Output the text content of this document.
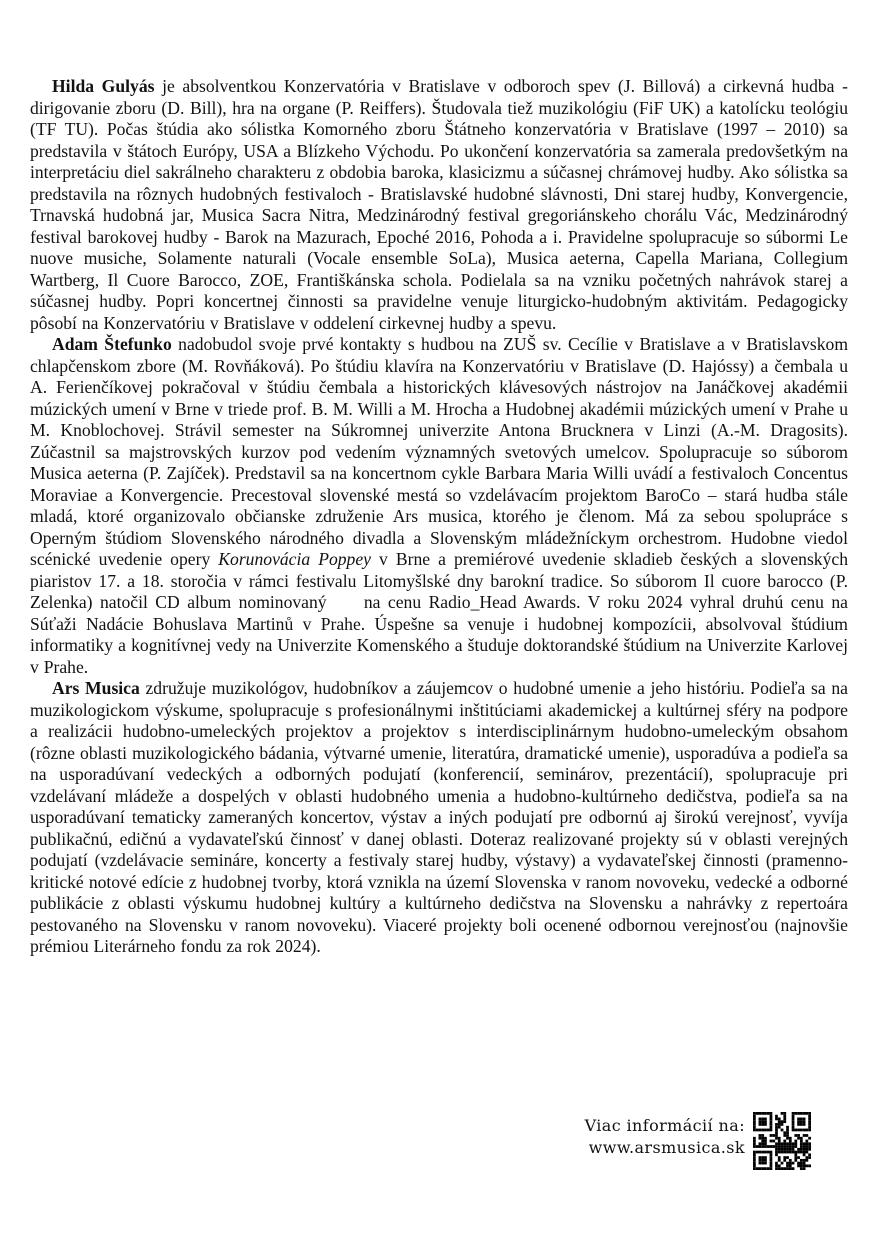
Hilda Gulyás je absolventkou Konzervatória v Bratislave v odboroch spev (J. Billová) a cirkevná hudba - dirigovanie zboru (D. Bill), hra na organe (P. Reiffers). Študovala tiež muzikológiu (FiF UK) a katolícku teológiu (TF TU). Počas štúdia ako sólistka Komorného zboru Štátneho konzervatória v Bratislave (1997 – 2010) sa predstavila v štátoch Európy, USA a Blízkeho Východu. Po ukončení konzervatória sa zamerala predovšetkým na interpretáciu diel sakrálneho charakteru z obdobia baroka, klasicizmu a súčasnej chrámovej hudby. Ako sólistka sa predstavila na rôznych hudobných festivaloch - Bratislavské hudobné slávnosti, Dni starej hudby, Konvergencie, Trnavská hudobná jar, Musica Sacra Nitra, Medzinárodný festival gregoriánskeho chorálu Vác, Medzinárodný festival barokovej hudby - Barok na Mazurach, Epoché 2016, Pohoda a i. Pravidelne spolupracuje so súbormi Le nuove musiche, Solamente naturali (Vocale ensemble SoLa), Musica aeterna, Capella Mariana, Collegium Wartberg, Il Cuore Barocco, ZOE, Františkánska schola. Podielala sa na vzniku početných nahrávok starej a súčasnej hudby. Popri koncertnej činnosti sa pravidelne venuje liturgicko-hudobným aktivitám. Pedagogicky pôsobí na Konzervatóriu v Bratislave v oddelení cirkevnej hudby a spevu.

Adam Štefunko nadobudol svoje prvé kontakty s hudbou na ZUŠ sv. Cecílie v Bratislave a v Bratislavskom chlapčenskom zbore (M. Rovňáková). Po štúdiu klavíra na Konzervatóriu v Bratislave (D. Hajóssy) a čembala u A. Ferienčíkovej pokračoval v štúdiu čembala a historických klávesových nástrojov na Janáčkovej akadémii múzických umení v Brne v triede prof. B. M. Willi a M. Hrocha a Hudobnej akadémii múzických umení v Prahe u M. Knoblochovej. Strávil semester na Súkromnej univerzite Antona Brucknera v Linzi (A.-M. Dragosits). Zúčastnil sa majstrovských kurzov pod vedením významných svetových umelcov. Spolupracuje so súborom Musica aeterna (P. Zajíček). Predstavil sa na koncertnom cykle Barbara Maria Willi uvádí a festivaloch Concentus Moraviae a Konvergencie. Precestoval slovenské mestá so vzdelávacím projektom BaroCo – stará hudba stále mladá, ktoré organizovalo občianske združenie Ars musica, ktorého je členom. Má za sebou spolupráce s Operným štúdiom Slovenského národného divadla a Slovenským mládežníckym orchestrom. Hudobne viedol scénické uvedenie opery Korunovácia Poppey v Brne a premiérové uvedenie skladieb českých a slovenských piaristov 17. a 18. storočia v rámci festivalu Litomyšlské dny barokní tradice. So súborom Il cuore barocco (P. Zelenka) natočil CD album nominovaný     na cenu Radio_Head Awards. V roku 2024 vyhral druhú cenu na Súťaži Nadácie Bohuslava Martinů v Prahe. Úspešne sa venuje i hudobnej kompozícii, absolvoval štúdium informatiky a kognitívnej vedy na Univerzite Komenského a študuje doktorandské štúdium na Univerzite Karlovej v Prahe.

Ars Musica združuje muzikológov, hudobníkov a záujemcov o hudobné umenie a jeho históriu. Podieľa sa na muzikologickom výskume, spolupracuje s profesionálnymi inštitúciami akademickej a kultúrnej sféry na podpore a realizácii hudobno-umeleckých projektov a projektov s interdisciplinárnym hudobno-umeleckým obsahom (rôzne oblasti muzikologického bádania, výtvarné umenie, literatúra, dramatické umenie), usporadúva a podieľa sa na usporadúvaní vedeckých a odborných podujatí (konferencií, seminárov, prezentácií), spolupracuje pri vzdelávaní mládeže a dospelých v oblasti hudobného umenia a hudobno-kultúrneho dedičstva, podieľa sa na usporadúvaní tematicky zameraných koncertov, výstav a iných podujatí pre odbornú aj širokú verejnosť, vyvíja publikačnú, edičnú a vydavateľskú činnosť v danej oblasti. Doteraz realizované projekty sú v oblasti verejných podujatí (vzdelávacie semináre, koncerty a festivaly starej hudby, výstavy) a vydavateľskej činnosti (pramenno-kritické notové edície z hudobnej tvorby, ktorá vznikla na území Slovenska v ranom novoveku, vedecké a odborné publikácie z oblasti výskumu hudobnej kultúry a kultúrneho dedičstva na Slovensku a nahrávky z repertoára pestovaného na Slovensku v ranom novoveku). Viaceré projekty boli ocenené odbornou verejnosťou (najnovšie prémiou Literárneho fondu za rok 2024).

Viac informácií na:
www.arsmusica.sk
